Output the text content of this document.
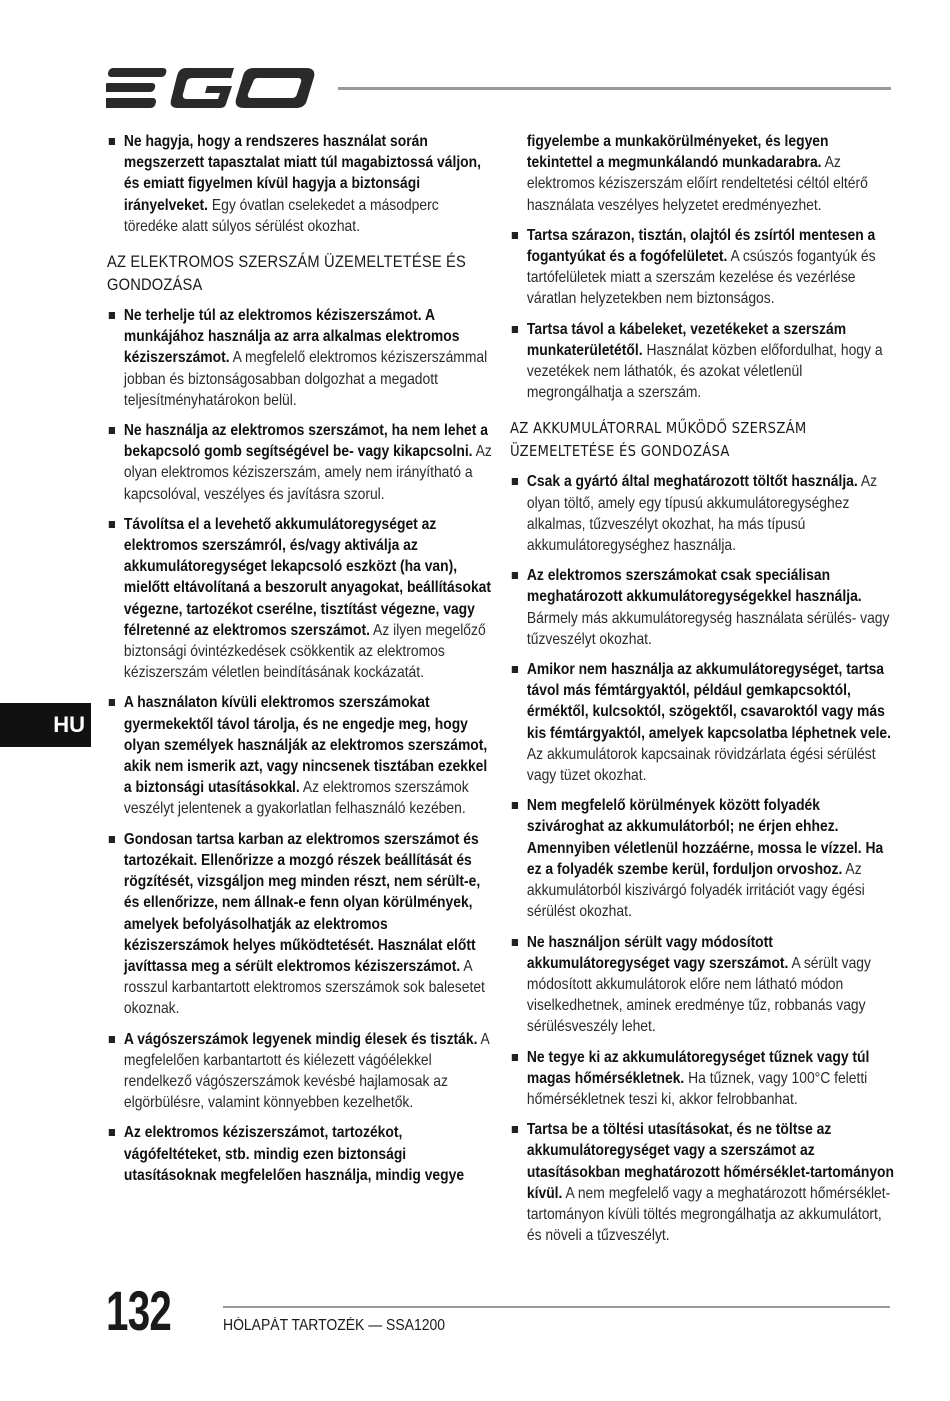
HU
Ne hagyja, hogy a rendszeres használat során megszerzett tapasztalat miatt túl magabiztossá váljon, és emiatt figyelmen kívül hagyja a biztonsági irányelveket. Egy óvatlan cselekedet a másodperc töredéke alatt súlyos sérülést okozhat.
AZ ELEKTROMOS SZERSZÁM ÜZEMELTETÉSE ÉS GONDOZÁSA
Ne terhelje túl az elektromos kéziszerszámot. A munkájához használja az arra alkalmas elektromos kéziszerszámot. A megfelelő elektromos kéziszerszámmal jobban és biztonságosabban dolgozhat a megadott teljesítményhatárokon belül.
Ne használja az elektromos szerszámot, ha nem lehet a bekapcsoló gomb segítségével be- vagy kikapcsolni. Az olyan elektromos kéziszerszám, amely nem irányítható a kapcsolóval, veszélyes és javításra szorul.
Távolítsa el a levehető akkumulátoregységet az elektromos szerszámról, és/vagy aktiválja az akkumulátoregységet lekapcsoló eszközt (ha van), mielőtt eltávolítaná a beszorult anyagokat, beállításokat végezne, tartozékot cserélne, tisztítást végezne, vagy félretenné az elektromos szerszámot. Az ilyen megelőző biztonsági óvintézkedések csökkentik az elektromos kéziszerszám véletlen beindításának kockázatát.
A használaton kívüli elektromos szerszámokat gyermekektől távol tárolja, és ne engedje meg, hogy olyan személyek használják az elektromos szerszámot, akik nem ismerik azt, vagy nincsenek tisztában ezekkel a biztonsági utasításokkal. Az elektromos szerszámok veszélyt jelentenek a gyakorlatlan felhasználó kezében.
Gondosan tartsa karban az elektromos szerszámot és tartozékait. Ellenőrizze a mozgó részek beállítását és rögzítését, vizsgáljon meg minden részt, nem sérült-e, és ellenőrizze, nem állnak-e fenn olyan körülmények, amelyek befolyásolhatják az elektromos kéziszerszámok helyes működtetését. Használat előtt javíttassa meg a sérült elektromos kéziszerszámot. A rosszul karbantartott elektromos szerszámok sok balesetet okoznak.
A vágószerszámok legyenek mindig élesek és tiszták. A megfelelően karbantartott és kiélezett vágóélekkel rendelkező vágószerszámok kevésbé hajlamosak az elgörbülésre, valamint könnyebben kezelhetők.
Az elektromos kéziszerszámot, tartozékot, vágófeltéteket, stb. mindig ezen biztonsági utasításoknak megfelelően használja, mindig vegye
figyelembe a munkakörülményeket, és legyen tekintettel a megmunkálandó munkadarabra. Az elektromos kéziszerszám előírt rendeltetési céltól eltérő használata veszélyes helyzetet eredményezhet.
Tartsa szárazon, tisztán, olajtól és zsírtól mentesen a fogantyúkat és a fogófelületet. A csúszós fogantyúk és tartófelületek miatt a szerszám kezelése és vezérlése váratlan helyzetekben nem biztonságos.
Tartsa távol a kábeleket, vezetékeket a szerszám munkaterületétől. Használat közben előfordulhat, hogy a vezetékek nem láthatók, és azokat véletlenül megrongálhatja a szerszám.
AZ AKKUMULÁTORRAL MŰKÖDŐ SZERSZÁM ÜZEMELTETÉSE ÉS GONDOZÁSA
Csak a gyártó által meghatározott töltőt használja. Az olyan töltő, amely egy típusú akkumulátoregységhez alkalmas, tűzveszélyt okozhat, ha más típusú akkumulátoregységhez használja.
Az elektromos szerszámokat csak speciálisan meghatározott akkumulátoregységekkel használja. Bármely más akkumulátoregység használata sérülés- vagy tűzveszélyt okozhat.
Amikor nem használja az akkumulátoregységet, tartsa távol más fémtárgyaktól, például gemkapcsoktól, érméktől, kulcsoktól, szögektől, csavaroktól vagy más kis fémtárgyaktól, amelyek kapcsolatba léphetnek vele. Az akkumulátorok kapcsainak rövidzárlata égési sérülést vagy tüzet okozhat.
Nem megfelelő körülmények között folyadék szivároghat az akkumulátorból; ne érjen ehhez. Amennyiben véletlenül hozzáérne, mossa le vízzel. Ha ez a folyadék szembe kerül, forduljon orvoshoz. Az akkumulátorból kiszivárgó folyadék irritációt vagy égési sérülést okozhat.
Ne használjon sérült vagy módosított akkumulátoregységet vagy szerszámot. A sérült vagy módosított akkumulátorok előre nem látható módon viselkedhetnek, aminek eredménye tűz, robbanás vagy sérülésveszély lehet.
Ne tegye ki az akkumulátoregységet tűznek vagy túl magas hőmérsékletnek. Ha tűznek, vagy 100°C feletti hőmérsékletnek teszi ki, akkor felrobbanhat.
Tartsa be a töltési utasításokat, és ne töltse az akkumulátoregységet vagy a szerszámot az utasításokban meghatározott hőmérséklet-tartományon kívül. A nem megfelelő vagy a meghatározott hőmérséklet-tartományon kívüli töltés megrongálhatja az akkumulátort, és növeli a tűzveszélyt.
132	HÓLAPÁT TARTOZÉK — SSA1200
